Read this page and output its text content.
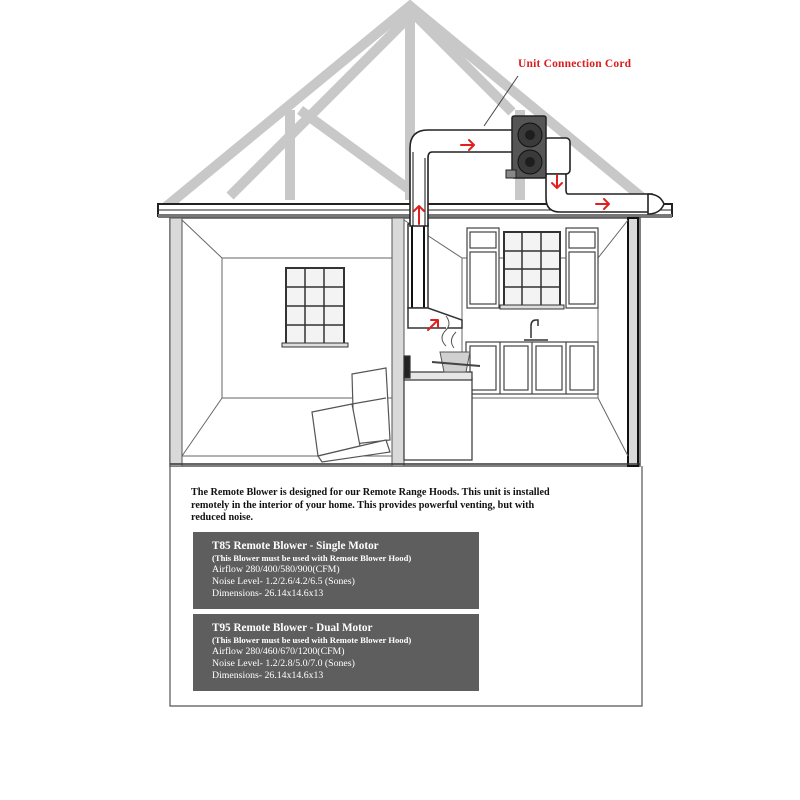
Unit Connection Cord
The Remote Blower is designed for our Remote Range Hoods. This unit is installed
remotely in the interior of your home. This provides powerful venting, but with
reduced noise.
T85 Remote Blower - Single Motor
(This Blower must be used with Remote Blower Hood)
Airflow 280/400/580/900(CFM)
Noise Level- 1.2/2.6/4.2/6.5 (Sones)
Dimensions- 26.14x14.6x13
T95 Remote Blower - Dual Motor
(This Blower must be used with Remote Blower Hood)
Airflow 280/460/670/1200(CFM)
Noise Level- 1.2/2.8/5.0/7.0 (Sones)
Dimensions- 26.14x14.6x13
